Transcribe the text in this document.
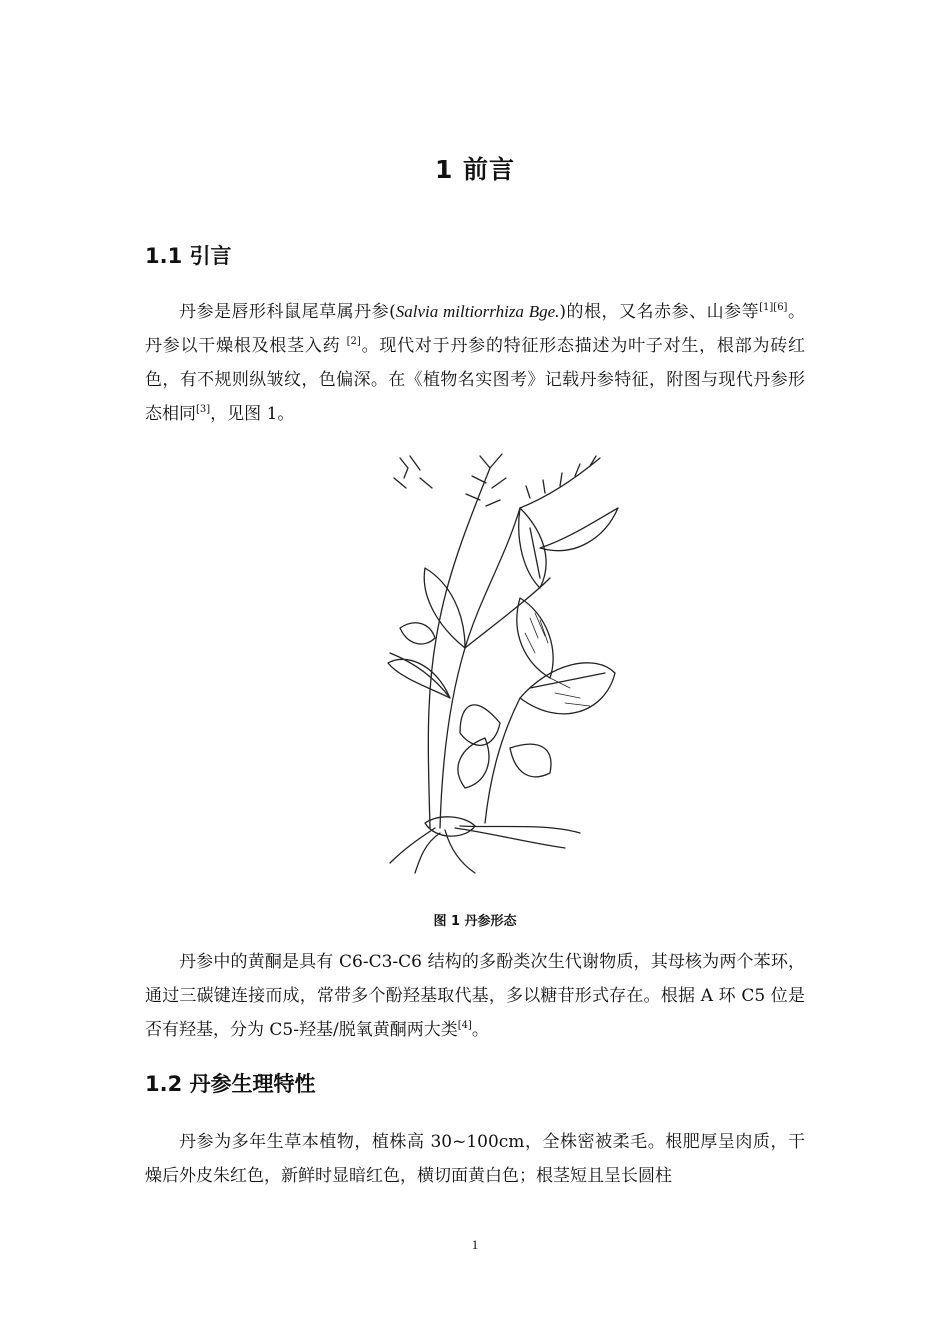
1 前言
1.1 引言

丹参是唇形科鼠尾草属丹参(Salvia miltiorrhiza Bge.)的根，又名赤参、山参等[1][6]。丹参以干燥根及根茎入药 [2]。现代对于丹参的特征形态描述为叶子对生，根部为砖红色，有不规则纵皱纹，色偏深。在《植物名实图考》记载丹参特征，附图与现代丹参形态相同[3]，见图 1。

图 1 丹参形态

丹参中的黄酮是具有 C6-C3-C6 结构的多酚类次生代谢物质，其母核为两个苯环，通过三碳键连接而成，常带多个酚羟基取代基，多以糖苷形式存在。根据 A 环 C5 位是否有羟基，分为 C5-羟基/脱氧黄酮两大类[4]。

1.2 丹参生理特性

丹参为多年生草本植物，植株高 30~100cm，全株密被柔毛。根肥厚呈肉质，干燥后外皮朱红色，新鲜时显暗红色，横切面黄白色；根茎短且呈长圆柱

1
